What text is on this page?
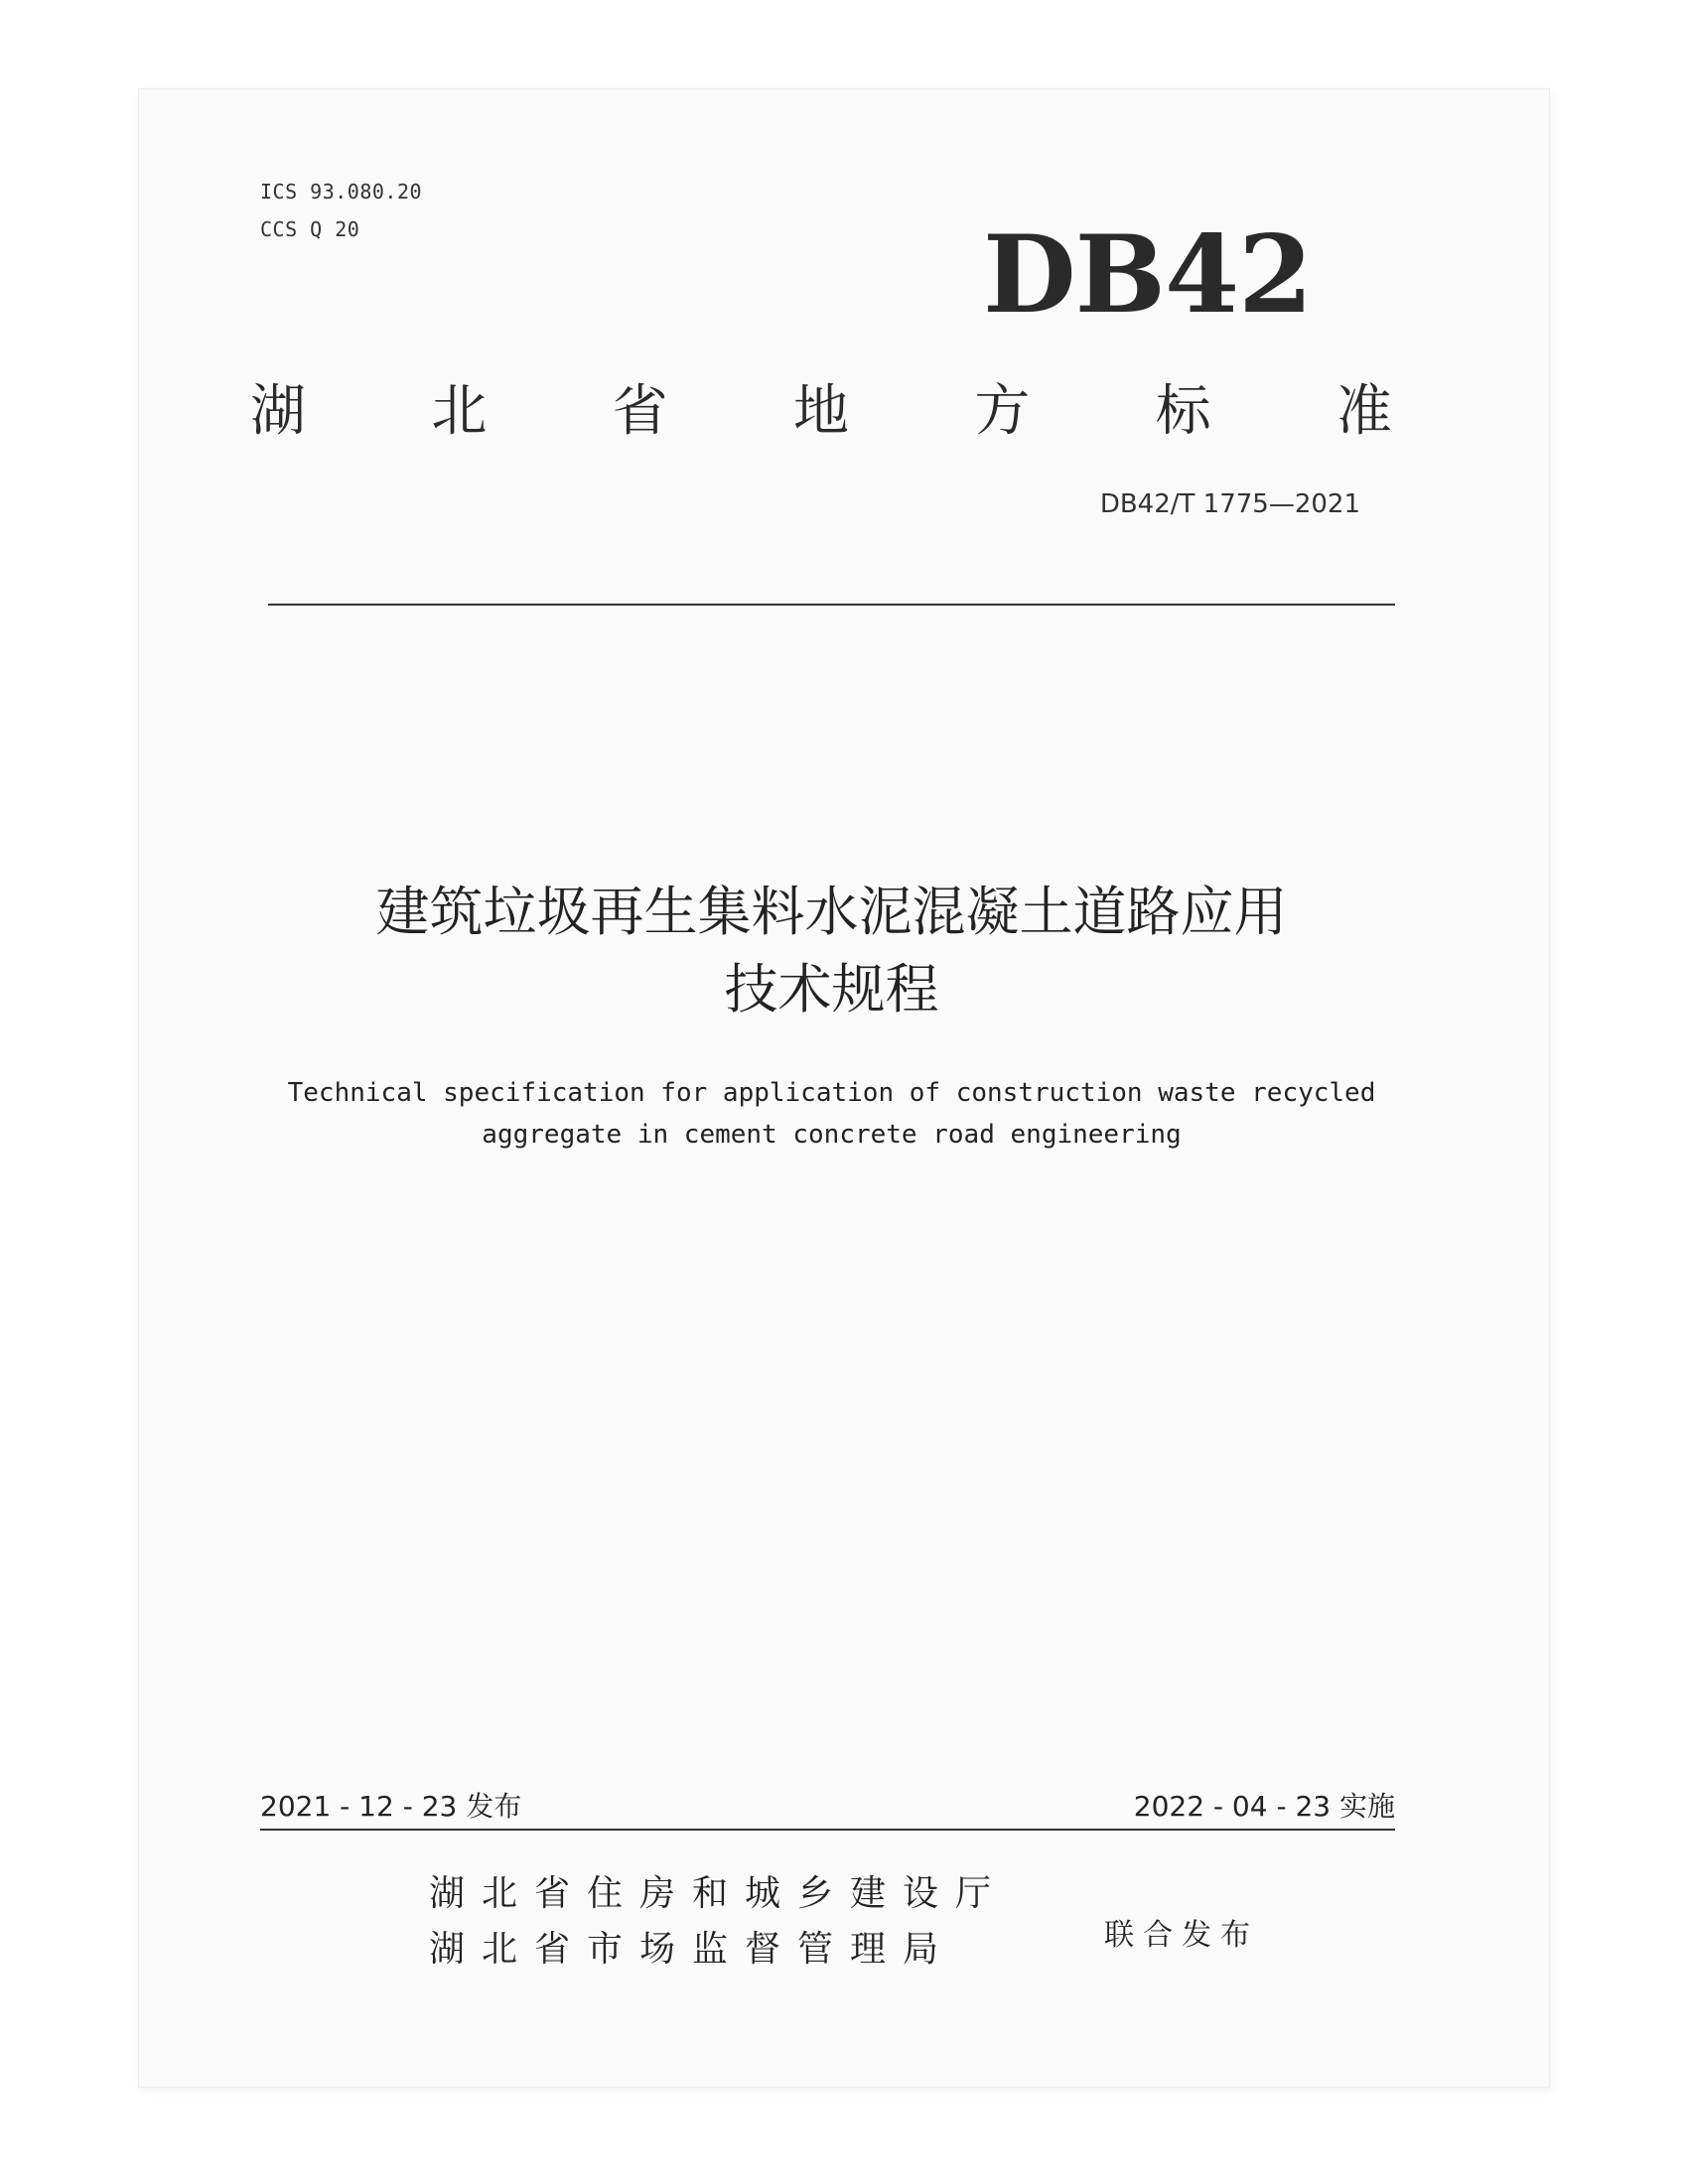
ICS 93.080.20
CCS Q 20	DB42
湖 北 省 地 方 标 准
DB42/T 1775—2021
建筑垃圾再生集料水泥混凝土道路应用
技术规程
Technical specification for application of construction waste recycled
aggregate in cement concrete road engineering
2021 - 12 - 23 发布	2022 - 04 - 23 实施
湖北省住房和城乡建设厅
湖北省市场监督管理局	联合发布
